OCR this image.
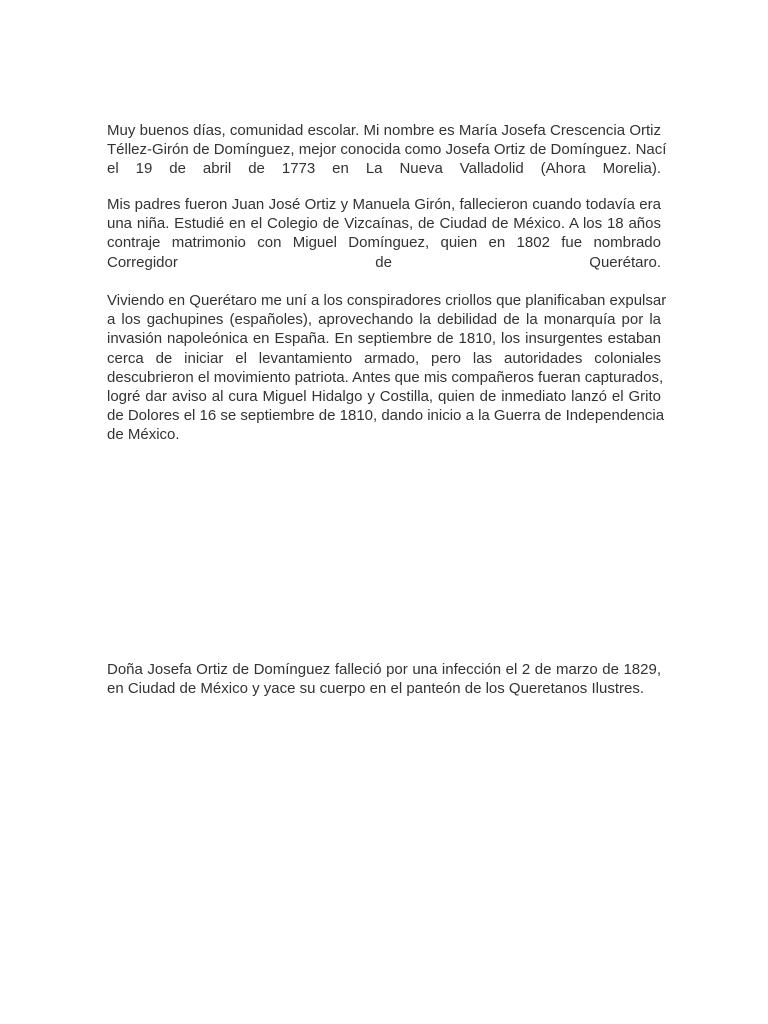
Muy buenos días, comunidad escolar. Mi nombre es María Josefa Crescencia Ortiz
Téllez-Girón de Domínguez, mejor conocida como Josefa Ortiz de Domínguez. Nací
el 19 de abril de 1773 en La Nueva Valladolid (Ahora Morelia).

Mis padres fueron Juan José Ortiz y Manuela Girón, fallecieron cuando todavía era
una niña. Estudié en el Colegio de Vizcaínas, de Ciudad de México. A los 18 años
contraje matrimonio con Miguel Domínguez, quien en 1802 fue nombrado
Corregidor de Querétaro.

Viviendo en Querétaro me uní a los conspiradores criollos que planificaban expulsar
a los gachupines (españoles), aprovechando la debilidad de la monarquía por la
invasión napoleónica en España. En septiembre de 1810, los insurgentes estaban
cerca de iniciar el levantamiento armado, pero las autoridades coloniales
descubrieron el movimiento patriota. Antes que mis compañeros fueran capturados,
logré dar aviso al cura Miguel Hidalgo y Costilla, quien de inmediato lanzó el Grito
de Dolores el 16 se septiembre de 1810, dando inicio a la Guerra de Independencia
de México.

Doña Josefa Ortiz de Domínguez falleció por una infección el 2 de marzo de 1829,
en Ciudad de México y yace su cuerpo en el panteón de los Queretanos Ilustres.
